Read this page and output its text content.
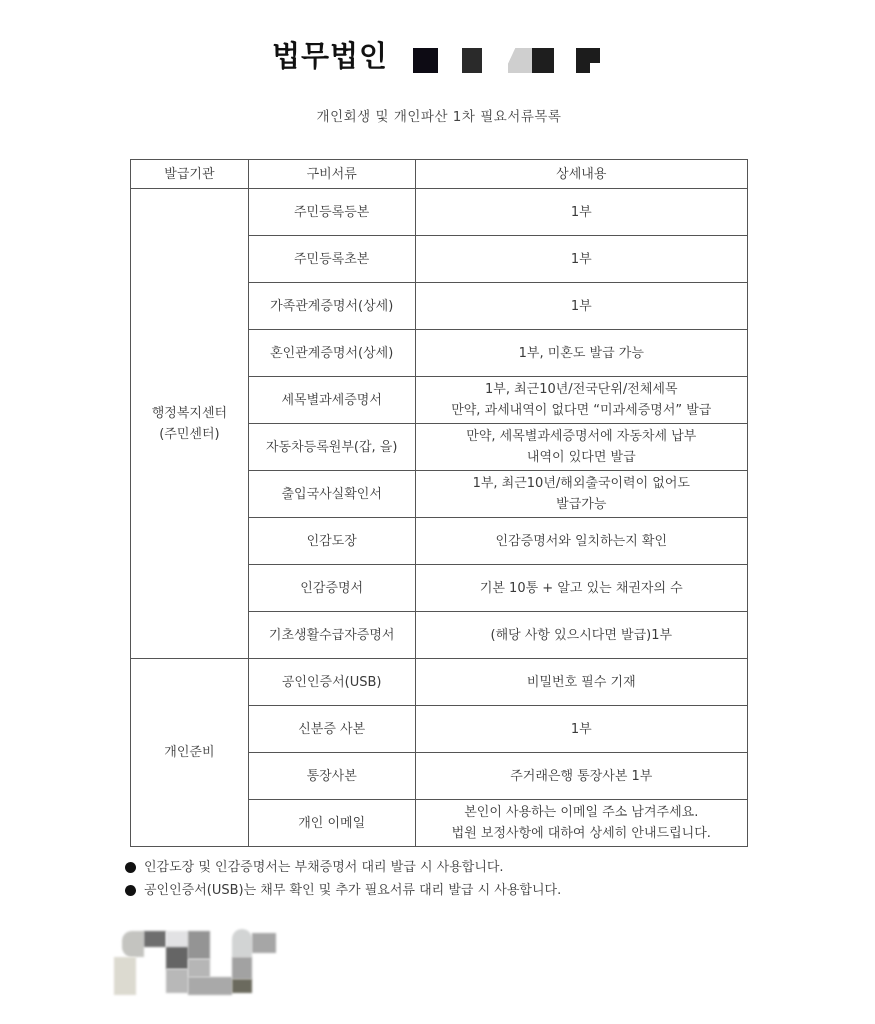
법무법인
개인회생 및 개인파산 1차 필요서류목록
발급기관	구비서류	상세내용

행정복지센터
(주민센터)	주민등록등본	1부

	주민등록초본	1부

	가족관계증명서(상세)	1부

	혼인관계증명서(상세)	1부, 미혼도 발급 가능

	세목별과세증명서	1부, 최근10년/전국단위/전체세목
만약, 과세내역이 없다면 “미과세증명서” 발급

	자동차등록원부(갑, 을)	만약, 세목별과세증명서에 자동차세 납부
내역이 있다면 발급

	출입국사실확인서	1부, 최근10년/해외출국이력이 없어도
발급가능

	인감도장	인감증명서와 일치하는지 확인

	인감증명서	기본 10통 + 알고 있는 채권자의 수

	기초생활수급자증명서	(해당 사항 있으시다면 발급)1부

개인준비	공인인증서(USB)	비밀번호 필수 기재

	신분증 사본	1부

	통장사본	주거래은행 통장사본 1부

	개인 이메일	본인이 사용하는 이메일 주소 남겨주세요.
법원 보정사항에 대하여 상세히 안내드립니다.
인감도장 및 인감증명서는 부채증명서 대리 발급 시 사용합니다.
공인인증서(USB)는 채무 확인 및 추가 필요서류 대리 발급 시 사용합니다.
